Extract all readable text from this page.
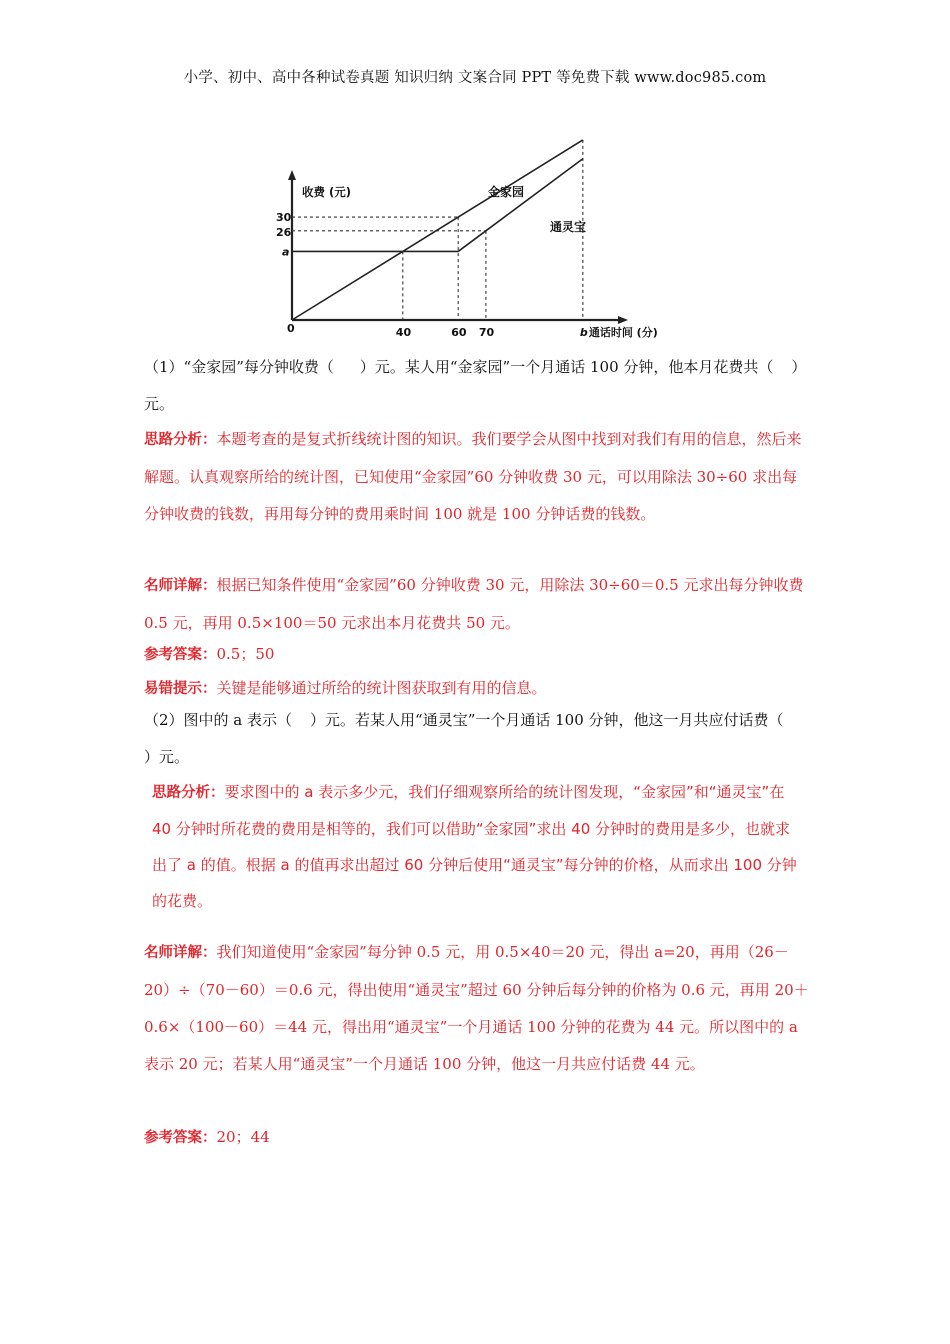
小学、初中、高中各种试卷真题 知识归纳 文案合同 PPT 等免费下载 www.doc985.com
收费 (元)
30
26
a
0	40	60 70	b 通话时间 (分)
金家园
通灵宝

（1）“金家园”每分钟收费（ ）元。某人用“金家园”一个月通话 100 分钟，他本月花费共（ ）元。

思路分析：本题考查的是复式折线统计图的知识。我们要学会从图中找到对我们有用的信息，然后来解题。认真观察所给的统计图，已知使用“金家园”60 分钟收费 30 元，可以用除法 30÷60 求出每分钟收费的钱数，再用每分钟的费用乘时间 100 就是 100 分钟话费的钱数。

名师详解：根据已知条件使用“金家园”60 分钟收费 30 元，用除法 30÷60＝0.5 元求出每分钟收费 0.5 元，再用 0.5×100＝50 元求出本月花费共 50 元。

参考答案：0.5；50

易错提示：关键是能够通过所给的统计图获取到有用的信息。

（2）图中的 a 表示（ ）元。若某人用“通灵宝”一个月通话 100 分钟，他这一月共应付话费（）元。

思路分析：要求图中的 a 表示多少元，我们仔细观察所给的统计图发现，“金家园”和“通灵宝”在 40 分钟时所花费的费用是相等的，我们可以借助“金家园”求出 40 分钟时的费用是多少，也就求出了 a 的值。根据 a 的值再求出超过 60 分钟后使用“通灵宝”每分钟的价格，从而求出 100 分钟的花费。

名师详解：我们知道使用“金家园”每分钟 0.5 元，用 0.5×40＝20 元，得出 a=20，再用（26－20）÷（70－60）＝0.6 元，得出使用“通灵宝”超过 60 分钟后每分钟的价格为 0.6 元，再用 20＋0.6×（100－60）＝44 元，得出用“通灵宝”一个月通话 100 分钟的花费为 44 元。所以图中的 a 表示 20 元；若某人用“通灵宝”一个月通话 100 分钟，他这一月共应付话费 44 元。

参考答案：20；44
